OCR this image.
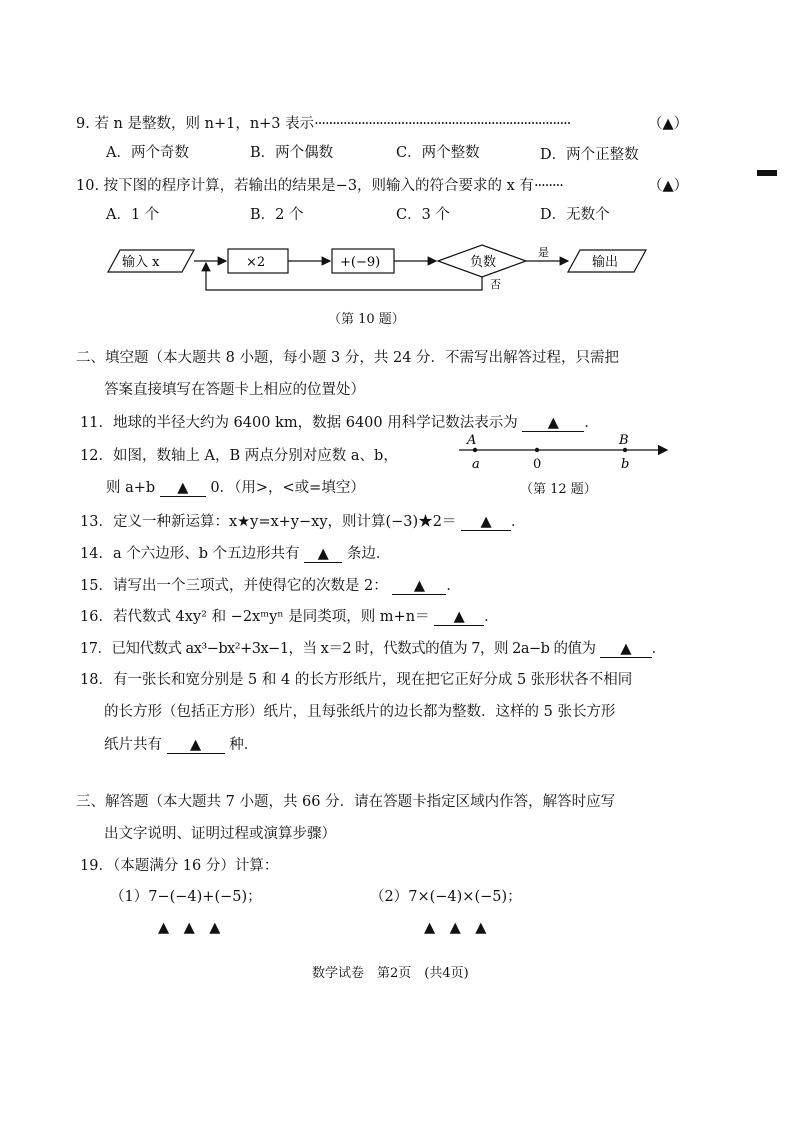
9. 若 n 是整数，则 n+1，n+3 表示·······································································	（▲）
A．两个奇数	B．两个偶数	C．两个整数	D．两个正整数
10. 按下图的程序计算，若输出的结果是−3，则输入的符合要求的 x 有········	（▲）
A．1 个	B．2 个	C．3 个	D．无数个
输入 x	×2	+(−9)	负数
是
输出
否
（第 10 题）
二、填空题（本大题共 8 小题，每小题 3 分，共 24 分．不需写出解答过程，只需把
答案直接填写在答题卡上相应的位置处）
11．地球的半径大约为 6400 km，数据 6400 用科学记数法表示为 ▲ ．
12．如图，数轴上 A，B 两点分别对应数 a、b，
则 a+b ▲ 0．（用>，<或=填空）
A	B
a	0	b
（第 12 题）
13．定义一种新运算：x★y=x+y−xy，则计算(−3)★2＝ ▲ ．
14．a 个六边形、b 个五边形共有 ▲ 条边．
15．请写出一个三项式，并使得它的次数是 2： ▲ ．
16．若代数式 4xy² 和 −2xᵐyⁿ 是同类项，则 m+n＝ ▲ ．
17．已知代数式 ax³−bx²+3x−1，当 x＝2 时，代数式的值为 7，则 2a−b 的值为 ▲ ．
18．有一张长和宽分别是 5 和 4 的长方形纸片，现在把它正好分成 5 张形状各不相同
的长方形（包括正方形）纸片，且每张纸片的边长都为整数．这样的 5 张长方形
纸片共有 ▲ 种．
三、解答题（本大题共 7 小题，共 66 分．请在答题卡指定区域内作答，解答时应写
出文字说明、证明过程或演算步骤）
19．（本题满分 16 分）计算：
（1）7−(−4)+(−5)；	（2）7×(−4)×(−5)；
▲　▲　▲	▲　▲　▲
数学试卷　第2页　(共4页)
